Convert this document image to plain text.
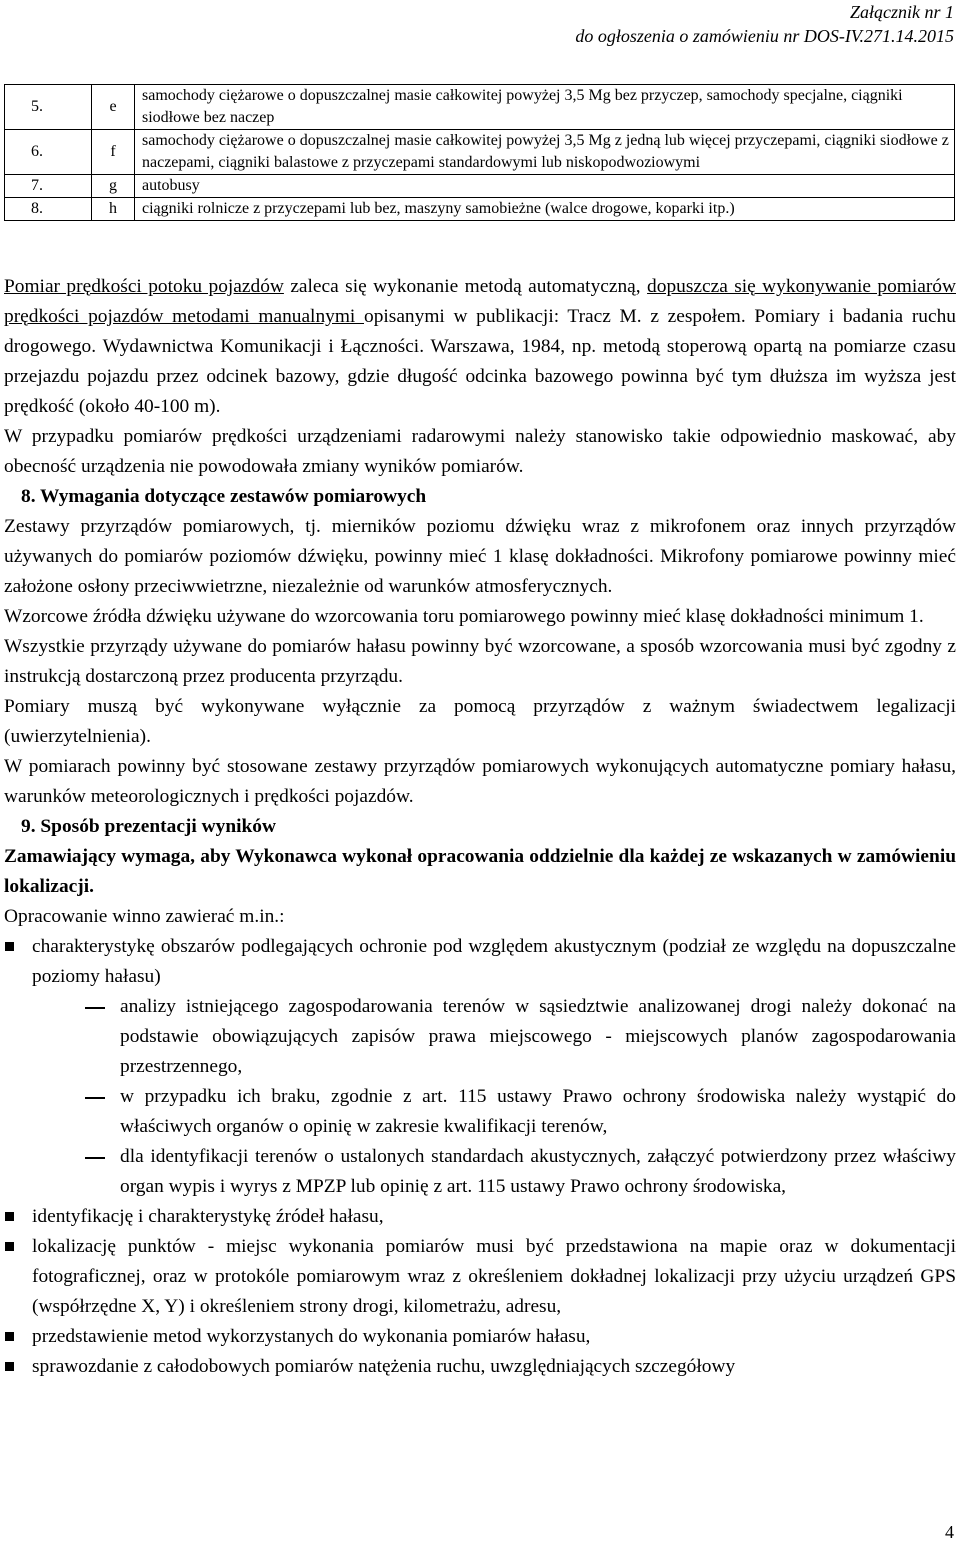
Załącznik nr 1
do ogłoszenia o zamówieniu nr DOS-IV.271.14.2015
5.	e	samochody ciężarowe o dopuszczalnej masie całkowitej powyżej 3,5 Mg bez przyczep, samochody specjalne, ciągniki siodłowe bez naczep
6.	f	samochody ciężarowe o dopuszczalnej masie całkowitej powyżej 3,5 Mg z jedną lub więcej przyczepami, ciągniki siodłowe z naczepami, ciągniki balastowe z przyczepami standardowymi lub niskopodwoziowymi
7.	g	autobusy
8.	h	ciągniki rolnicze z przyczepami lub bez, maszyny samobieżne (walce drogowe, koparki itp.)

Pomiar prędkości potoku pojazdów zaleca się wykonanie metodą automatyczną, dopuszcza się wykonywanie pomiarów prędkości pojazdów metodami manualnymi opisanymi w publikacji: Tracz M. z zespołem. Pomiary i badania ruchu drogowego. Wydawnictwa Komunikacji i Łączności. Warszawa, 1984, np. metodą stoperową opartą na pomiarze czasu przejazdu pojazdu przez odcinek bazowy, gdzie długość odcinka bazowego powinna być tym dłuższa im wyższa jest prędkość (około 40-100 m).

W przypadku pomiarów prędkości urządzeniami radarowymi należy stanowisko takie odpowiednio maskować, aby obecność urządzenia nie powodowała zmiany wyników pomiarów.

8. Wymagania dotyczące zestawów pomiarowych

Zestawy przyrządów pomiarowych, tj. mierników poziomu dźwięku wraz z mikrofonem oraz innych przyrządów używanych do pomiarów poziomów dźwięku, powinny mieć 1 klasę dokładności. Mikrofony pomiarowe powinny mieć założone osłony przeciwwietrzne, niezależnie od warunków atmosferycznych.

Wzorcowe źródła dźwięku używane do wzorcowania toru pomiarowego powinny mieć klasę dokładności minimum 1.

Wszystkie przyrządy używane do pomiarów hałasu powinny być wzorcowane, a sposób wzorcowania musi być zgodny z instrukcją dostarczoną przez producenta przyrządu.

Pomiary muszą być wykonywane wyłącznie za pomocą przyrządów z ważnym świadectwem legalizacji (uwierzytelnienia).

W pomiarach powinny być stosowane zestawy przyrządów pomiarowych wykonujących automatyczne pomiary hałasu, warunków meteorologicznych i prędkości pojazdów.

9. Sposób prezentacji wyników

Zamawiający wymaga, aby Wykonawca wykonał opracowania oddzielnie dla każdej ze wskazanych w zamówieniu lokalizacji.

Opracowanie winno zawierać m.in.:

charakterystykę obszarów podlegających ochronie pod względem akustycznym (podział ze względu na dopuszczalne poziomy hałasu)
analizy istniejącego zagospodarowania terenów w sąsiedztwie analizowanej drogi należy dokonać na podstawie obowiązujących zapisów prawa miejscowego - miejscowych planów zagospodarowania przestrzennego,
w przypadku ich braku, zgodnie z art. 115 ustawy Prawo ochrony środowiska należy wystąpić do właściwych organów o opinię w zakresie kwalifikacji terenów,
dla identyfikacji terenów o ustalonych standardach akustycznych, załączyć potwierdzony przez właściwy organ wypis i wyrys z MPZP lub opinię z art. 115 ustawy Prawo ochrony środowiska,
identyfikację i charakterystykę źródeł hałasu,
lokalizację punktów - miejsc wykonania pomiarów musi być przedstawiona na mapie oraz w dokumentacji fotograficznej, oraz w protokóle pomiarowym wraz z określeniem dokładnej lokalizacji przy użyciu urządzeń GPS (współrzędne X, Y) i określeniem strony drogi, kilometrażu, adresu,
przedstawienie metod wykorzystanych do wykonania pomiarów hałasu,
sprawozdanie z całodobowych pomiarów natężenia ruchu, uwzględniających szczegółowy
4
